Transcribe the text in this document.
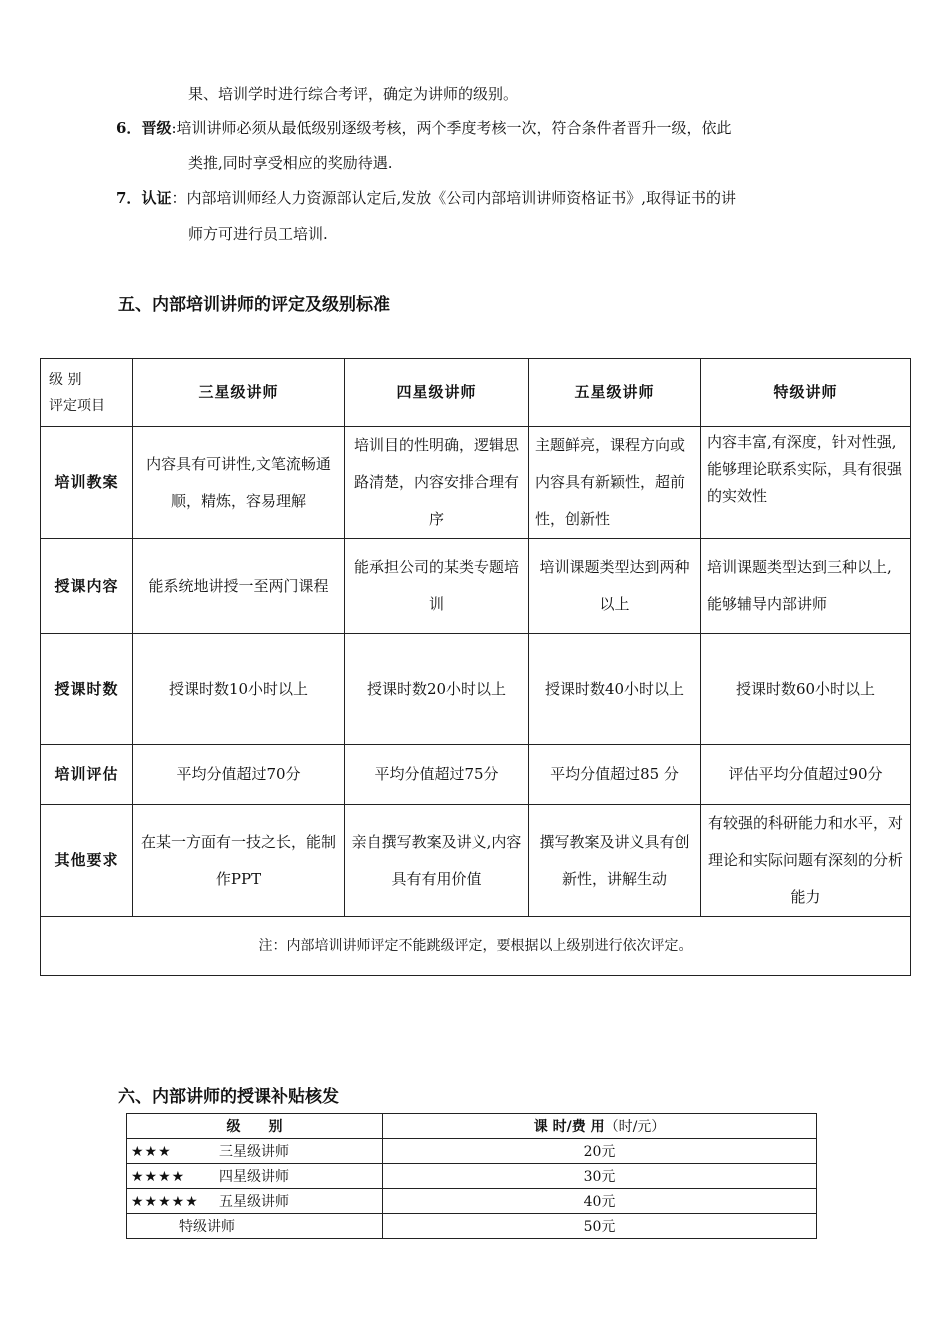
果、培训学时进行综合考评，确定为讲师的级别。
6．晋级:培训讲师必须从最低级别逐级考核，两个季度考核一次，符合条件者晋升一级，依此
类推,同时享受相应的奖励待遇.
7．认证：内部培训师经人力资源部认定后,发放《公司内部培训讲师资格证书》,取得证书的讲
师方可进行员工培训.
五、内部培训讲师的评定及级别标准
级 别
评定项目	三星级讲师	四星级讲师	五星级讲师	特级讲师
培训教案	内容具有可讲性,文笔流畅通顺，精炼，容易理解	培训目的性明确，逻辑思路清楚，内容安排合理有序	主题鲜亮，课程方向或内容具有新颖性，超前性，创新性	内容丰富,有深度，针对性强,能够理论联系实际，具有很强的实效性
授课内容	能系统地讲授一至两门课程	能承担公司的某类专题培训	培训课题类型达到两种以上	培训课题类型达到三种以上,能够辅导内部讲师
授课时数	授课时数10小时以上	授课时数20小时以上	授课时数40小时以上	授课时数60小时以上
培训评估	平均分值超过70分	平均分值超过75分	平均分值超过85 分	评估平均分值超过90分
其他要求	在某一方面有一技之长，能制作PPT	亲自撰写教案及讲义,内容具有有用价值	撰写教案及讲义具有创新性，讲解生动	有较强的科研能力和水平，对理论和实际问题有深刻的分析能力
注：内部培训讲师评定不能跳级评定，要根据以上级别进行依次评定。				
六、内部讲师的授课补贴核发
级　　别	课 时/费 用（时/元）
★★★ 三星级讲师	20元
★★★★ 四星级讲师	30元
★★★★★ 五星级讲师	40元
特级讲师	50元
